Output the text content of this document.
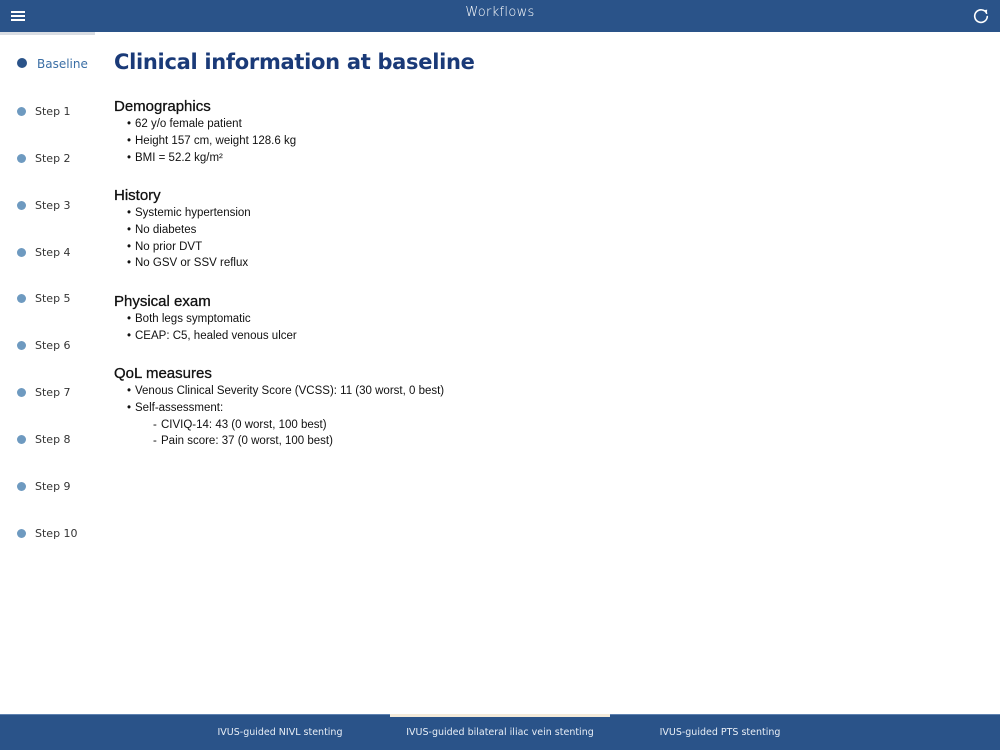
Workflows
Baseline
Step 1
Step 2
Step 3
Step 4
Step 5
Step 6
Step 7
Step 8
Step 9
Step 10
Clinical information at baseline
Demographics
• 62 y/o female patient
• Height 157 cm, weight 128.6 kg
• BMI = 52.2 kg/m²
History
• Systemic hypertension
• No diabetes
• No prior DVT
• No GSV or SSV reflux
Physical exam
• Both legs symptomatic
• CEAP: C5, healed venous ulcer
QoL measures
• Venous Clinical Severity Score (VCSS): 11 (30 worst, 0 best)
• Self-assessment:
- CIVIQ-14: 43 (0 worst, 100 best)
- Pain score: 37 (0 worst, 100 best)
IVUS-guided NIVL stenting	IVUS-guided bilateral iliac vein stenting	IVUS-guided PTS stenting
